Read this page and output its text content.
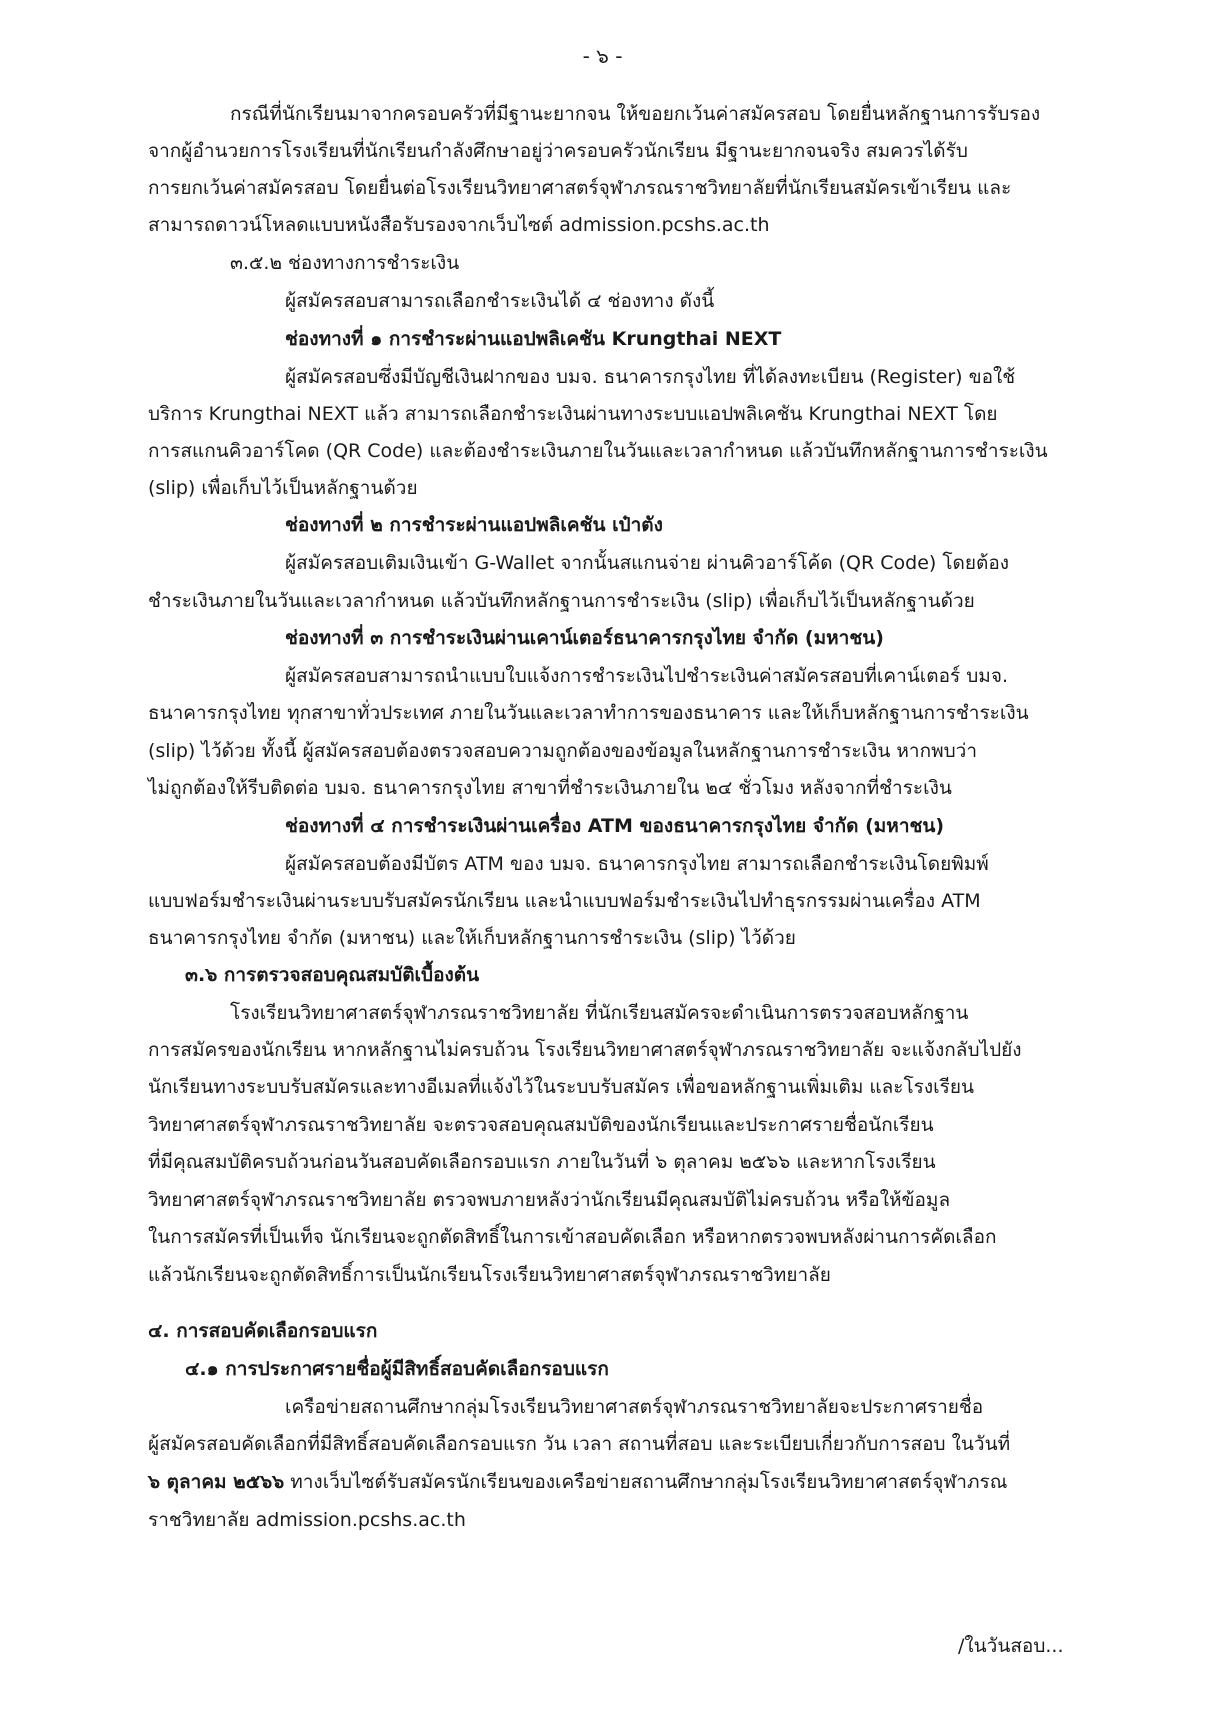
- ๖ -
กรณีที่นักเรียนมาจากครอบครัวที่มีฐานะยากจน ให้ขอยกเว้นค่าสมัครสอบ โดยยื่นหลักฐานการรับรอง
จากผู้อำนวยการโรงเรียนที่นักเรียนกำลังศึกษาอยู่ว่าครอบครัวนักเรียน มีฐานะยากจนจริง สมควรได้รับ
การยกเว้นค่าสมัครสอบ โดยยื่นต่อโรงเรียนวิทยาศาสตร์จุฬาภรณราชวิทยาลัยที่นักเรียนสมัครเข้าเรียน และ
สามารถดาวน์โหลดแบบหนังสือรับรองจากเว็บไซต์ admission.pcshs.ac.th
๓.๕.๒ ช่องทางการชำระเงิน
ผู้สมัครสอบสามารถเลือกชำระเงินได้ ๔ ช่องทาง ดังนี้
ช่องทางที่ ๑ การชำระผ่านแอปพลิเคชัน Krungthai NEXT
ผู้สมัครสอบซึ่งมีบัญชีเงินฝากของ บมจ. ธนาคารกรุงไทย ที่ได้ลงทะเบียน (Register) ขอใช้
บริการ Krungthai NEXT แล้ว สามารถเลือกชำระเงินผ่านทางระบบแอปพลิเคชัน Krungthai NEXT โดย
การสแกนคิวอาร์โคด (QR Code) และต้องชำระเงินภายในวันและเวลากำหนด แล้วบันทึกหลักฐานการชำระเงิน
(slip) เพื่อเก็บไว้เป็นหลักฐานด้วย
ช่องทางที่ ๒ การชำระผ่านแอปพลิเคชัน เป๋าตัง
ผู้สมัครสอบเติมเงินเข้า G-Wallet จากนั้นสแกนจ่าย ผ่านคิวอาร์โค้ด (QR Code) โดยต้อง
ชำระเงินภายในวันและเวลากำหนด แล้วบันทึกหลักฐานการชำระเงิน (slip) เพื่อเก็บไว้เป็นหลักฐานด้วย
ช่องทางที่ ๓ การชำระเงินผ่านเคาน์เตอร์ธนาคารกรุงไทย จำกัด (มหาชน)
ผู้สมัครสอบสามารถนำแบบใบแจ้งการชำระเงินไปชำระเงินค่าสมัครสอบที่เคาน์เตอร์ บมจ.
ธนาคารกรุงไทย ทุกสาขาทั่วประเทศ ภายในวันและเวลาทำการของธนาคาร และให้เก็บหลักฐานการชำระเงิน
(slip) ไว้ด้วย ทั้งนี้ ผู้สมัครสอบต้องตรวจสอบความถูกต้องของข้อมูลในหลักฐานการชำระเงิน หากพบว่า
ไม่ถูกต้องให้รีบติดต่อ บมจ. ธนาคารกรุงไทย สาขาที่ชำระเงินภายใน ๒๔ ชั่วโมง หลังจากที่ชำระเงิน
ช่องทางที่ ๔ การชำระเงินผ่านเครื่อง ATM ของธนาคารกรุงไทย จำกัด (มหาชน)
ผู้สมัครสอบต้องมีบัตร ATM ของ บมจ. ธนาคารกรุงไทย สามารถเลือกชำระเงินโดยพิมพ์
แบบฟอร์มชำระเงินผ่านระบบรับสมัครนักเรียน และนำแบบฟอร์มชำระเงินไปทำธุรกรรมผ่านเครื่อง ATM
ธนาคารกรุงไทย จำกัด (มหาชน) และให้เก็บหลักฐานการชำระเงิน (slip) ไว้ด้วย
๓.๖ การตรวจสอบคุณสมบัติเบื้องต้น
โรงเรียนวิทยาศาสตร์จุฬาภรณราชวิทยาลัย ที่นักเรียนสมัครจะดำเนินการตรวจสอบหลักฐาน
การสมัครของนักเรียน หากหลักฐานไม่ครบถ้วน โรงเรียนวิทยาศาสตร์จุฬาภรณราชวิทยาลัย จะแจ้งกลับไปยัง
นักเรียนทางระบบรับสมัครและทางอีเมลที่แจ้งไว้ในระบบรับสมัคร เพื่อขอหลักฐานเพิ่มเติม และโรงเรียน
วิทยาศาสตร์จุฬาภรณราชวิทยาลัย จะตรวจสอบคุณสมบัติของนักเรียนและประกาศรายชื่อนักเรียน
ที่มีคุณสมบัติครบถ้วนก่อนวันสอบคัดเลือกรอบแรก ภายในวันที่ ๖ ตุลาคม ๒๕๖๖ และหากโรงเรียน
วิทยาศาสตร์จุฬาภรณราชวิทยาลัย ตรวจพบภายหลังว่านักเรียนมีคุณสมบัติไม่ครบถ้วน หรือให้ข้อมูล
ในการสมัครที่เป็นเท็จ นักเรียนจะถูกตัดสิทธิ์ในการเข้าสอบคัดเลือก หรือหากตรวจพบหลังผ่านการคัดเลือก
แล้วนักเรียนจะถูกตัดสิทธิ์การเป็นนักเรียนโรงเรียนวิทยาศาสตร์จุฬาภรณราชวิทยาลัย
๔. การสอบคัดเลือกรอบแรก
๔.๑ การประกาศรายชื่อผู้มีสิทธิ์สอบคัดเลือกรอบแรก
เครือข่ายสถานศึกษากลุ่มโรงเรียนวิทยาศาสตร์จุฬาภรณราชวิทยาลัยจะประกาศรายชื่อ
ผู้สมัครสอบคัดเลือกที่มีสิทธิ์สอบคัดเลือกรอบแรก วัน เวลา สถานที่สอบ และระเบียบเกี่ยวกับการสอบ ในวันที่
๖ ตุลาคม ๒๕๖๖ ทางเว็บไซต์รับสมัครนักเรียนของเครือข่ายสถานศึกษากลุ่มโรงเรียนวิทยาศาสตร์จุฬาภรณ
ราชวิทยาลัย admission.pcshs.ac.th
/ในวันสอบ...
